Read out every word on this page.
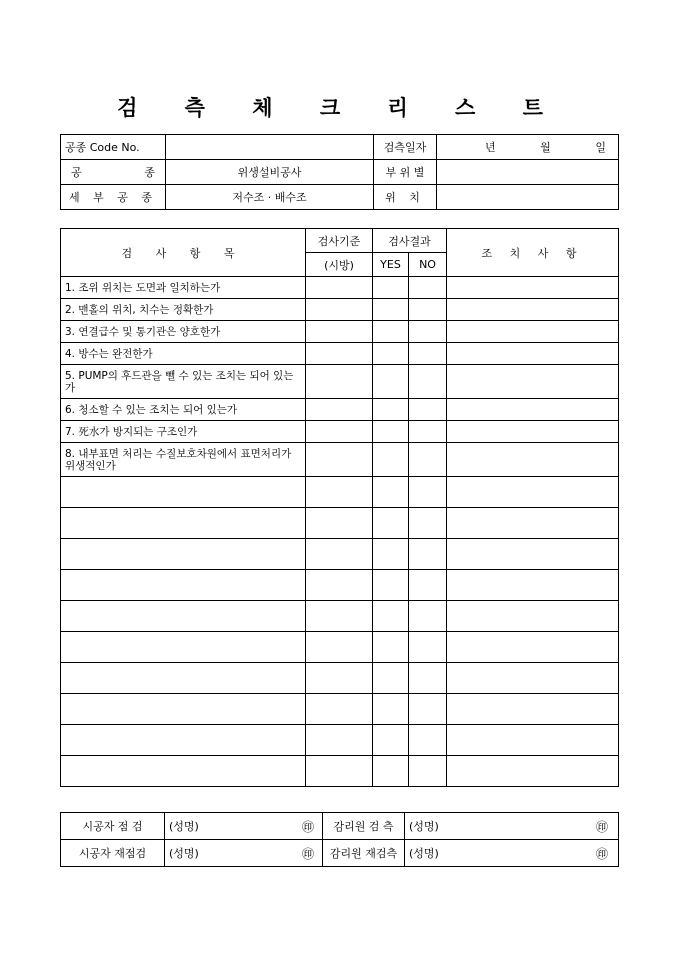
검 측 체 크 리 스 트
공종 Code No.		검측일자	년 월 일

공 종	위생설비공사	부 위 별	
세 부 공 종	저수조 · 배수조	위 치	
검 사 항 목	검사기준	검사결과		조 치 사 항
	(시방)	YES	NO	
1. 조위 위치는 도면과 일치하는가				
2. 맨홀의 위치, 치수는 정확한가				
3. 연결급수 및 통기관은 양호한가				
4. 방수는 완전한가				
5. PUMP의 후드관을 뺄 수 있는 조치는 되어 있는가				
6. 청소할 수 있는 조치는 되어 있는가				
7. 死水가 방지되는 구조인가				
8. 내부표면 처리는 수질보호차원에서 표면처리가 위생적인가				

시공자 점 검	(성명)	㊞	감리원 검 측	(성명) ㊞

시공자 재점검	(성명)	㊞	감리원 재검측	(성명) ㊞
